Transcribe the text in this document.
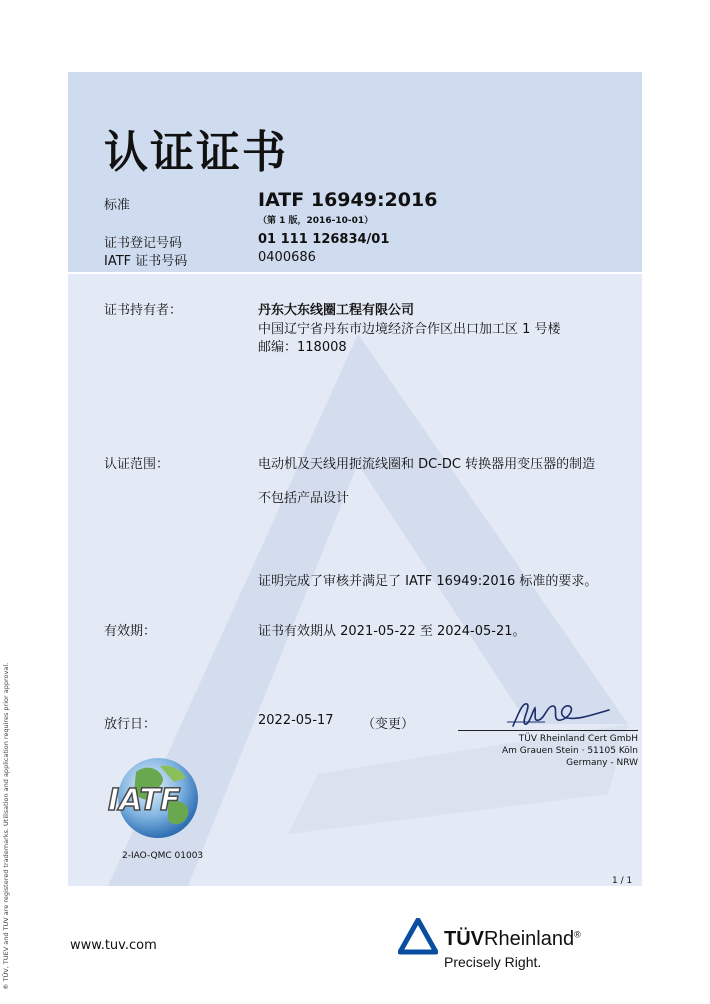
认证证书
标准	IATF 16949:2016
（第 1 版，2016-10-01）
证书登记号码	01 111 126834/01
IATF 证书号码	0400686
证书持有者：	丹东大东线圈工程有限公司
中国辽宁省丹东市边境经济合作区出口加工区 1 号楼
邮编：118008
认证范围：	电动机及天线用扼流线圈和 DC-DC 转换器用变压器的制造
不包括产品设计
证明完成了审核并满足了 IATF 16949:2016 标准的要求。
有效期：	证书有效期从 2021-05-22 至 2024-05-21。
放行日：	2022-05-17 （变更）
TÜV Rheinland Cert GmbH
Am Grauen Stein · 51105 Köln
Germany - NRW
IATF
2-IAO-QMC 01003
1 / 1
® TÜV, TUEV and TUV are registered trademarks. Utilisation and application requires prior approval.	www.tuv.com	TÜVRheinland®
Precisely Right.
